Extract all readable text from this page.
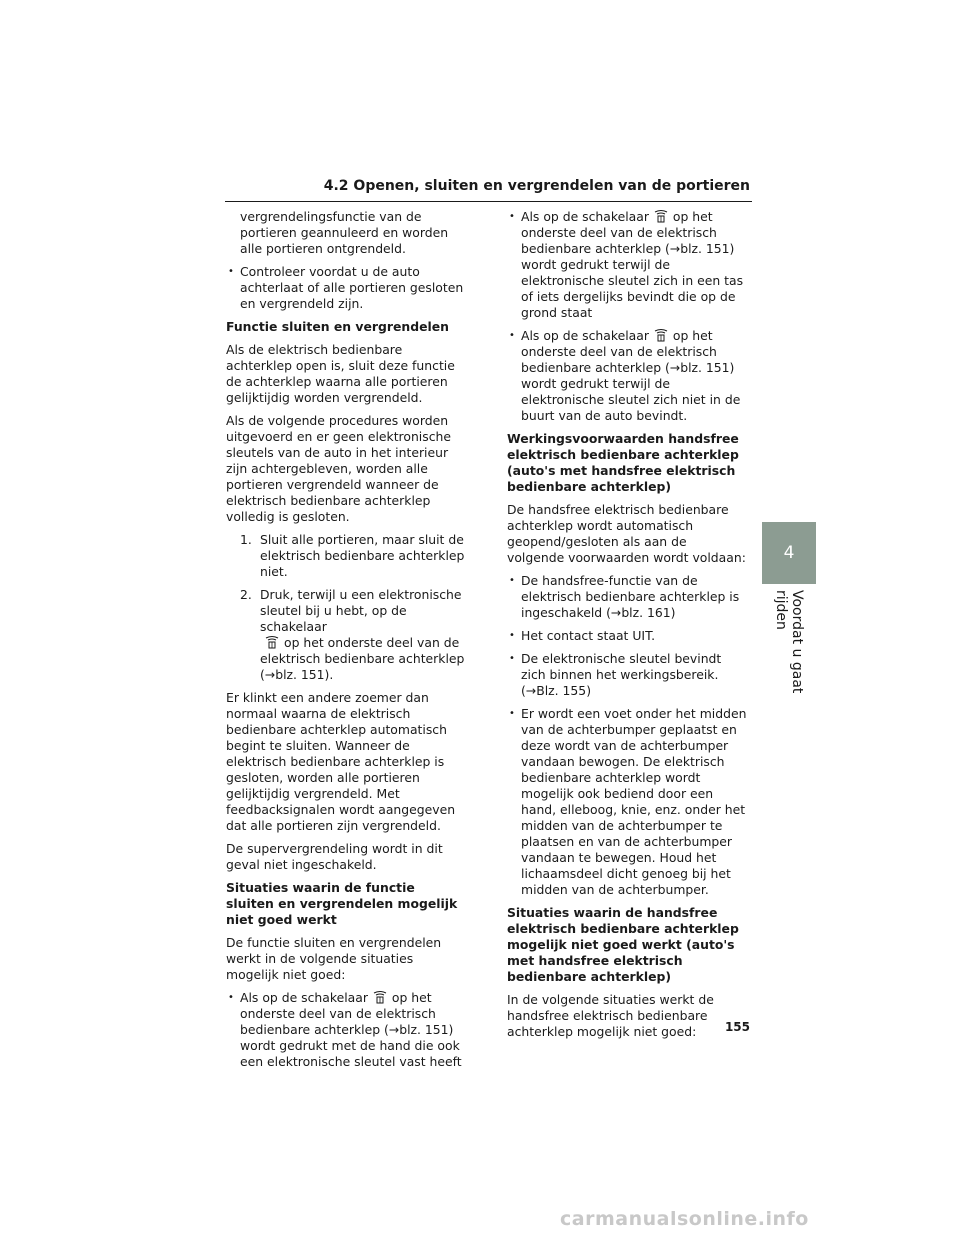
4.2 Openen, sluiten en vergrendelen van de portieren

vergrendelingsfunctie van de portieren geannuleerd en worden alle portieren ontgrendeld.

• Controleer voordat u de auto achterlaat of alle portieren gesloten en vergrendeld zijn.

Functie sluiten en vergrendelen

Als de elektrisch bedienbare achterklep open is, sluit deze functie de achterklep waarna alle portieren gelijktijdig worden vergrendeld.

Als de volgende procedures worden uitgevoerd en er geen elektronische sleutels van de auto in het interieur zijn achtergebleven, worden alle portieren vergrendeld wanneer de elektrisch bedienbare achterklep volledig is gesloten.

1. Sluit alle portieren, maar sluit de elektrisch bedienbare achterklep niet.
2. Druk, terwijl u een elektronische sleutel bij u hebt, op de schakelaar
op het onderste deel van de elektrisch bedienbare achterklep (→blz. 151).

Er klinkt een andere zoemer dan normaal waarna de elektrisch bedienbare achterklep automatisch begint te sluiten. Wanneer de elektrisch bedienbare achterklep is gesloten, worden alle portieren gelijktijdig vergrendeld. Met feedbacksignalen wordt aangegeven dat alle portieren zijn vergrendeld.

De supervergrendeling wordt in dit geval niet ingeschakeld.

Situaties waarin de functie sluiten en vergrendelen mogelijk niet goed werkt

De functie sluiten en vergrendelen werkt in de volgende situaties mogelijk niet goed:

• Als op de schakelaar op het onderste deel van de elektrisch bedienbare achterklep (→blz. 151) wordt gedrukt met de hand die ook een elektronische sleutel vast heeft
• Als op de schakelaar op het onderste deel van de elektrisch bedienbare achterklep (→blz. 151) wordt gedrukt terwijl de elektronische sleutel zich in een tas of iets dergelijks bevindt die op de grond staat
• Als op de schakelaar op het onderste deel van de elektrisch bedienbare achterklep (→blz. 151) wordt gedrukt terwijl de elektronische sleutel zich niet in de buurt van de auto bevindt.

Werkingsvoorwaarden handsfree elektrisch bedienbare achterklep (auto's met handsfree elektrisch bedienbare achterklep)

De handsfree elektrisch bedienbare achterklep wordt automatisch geopend/gesloten als aan de volgende voorwaarden wordt voldaan:

• De handsfree-functie van de elektrisch bedienbare achterklep is ingeschakeld (→blz. 161)
• Het contact staat UIT.
• De elektronische sleutel bevindt zich binnen het werkingsbereik. (→Blz. 155)
• Er wordt een voet onder het midden van de achterbumper geplaatst en deze wordt van de achterbumper vandaan bewogen. De elektrisch bedienbare achterklep wordt mogelijk ook bediend door een hand, elleboog, knie, enz. onder het midden van de achterbumper te plaatsen en van de achterbumper vandaan te bewegen. Houd het lichaamsdeel dicht genoeg bij het midden van de achterbumper.

Situaties waarin de handsfree elektrisch bedienbare achterklep mogelijk niet goed werkt (auto's met handsfree elektrisch bedienbare achterklep)

In de volgende situaties werkt de handsfree elektrisch bedienbare achterklep mogelijk niet goed:

4
Voordat u gaat rijden
155
carmanualsonline.info
